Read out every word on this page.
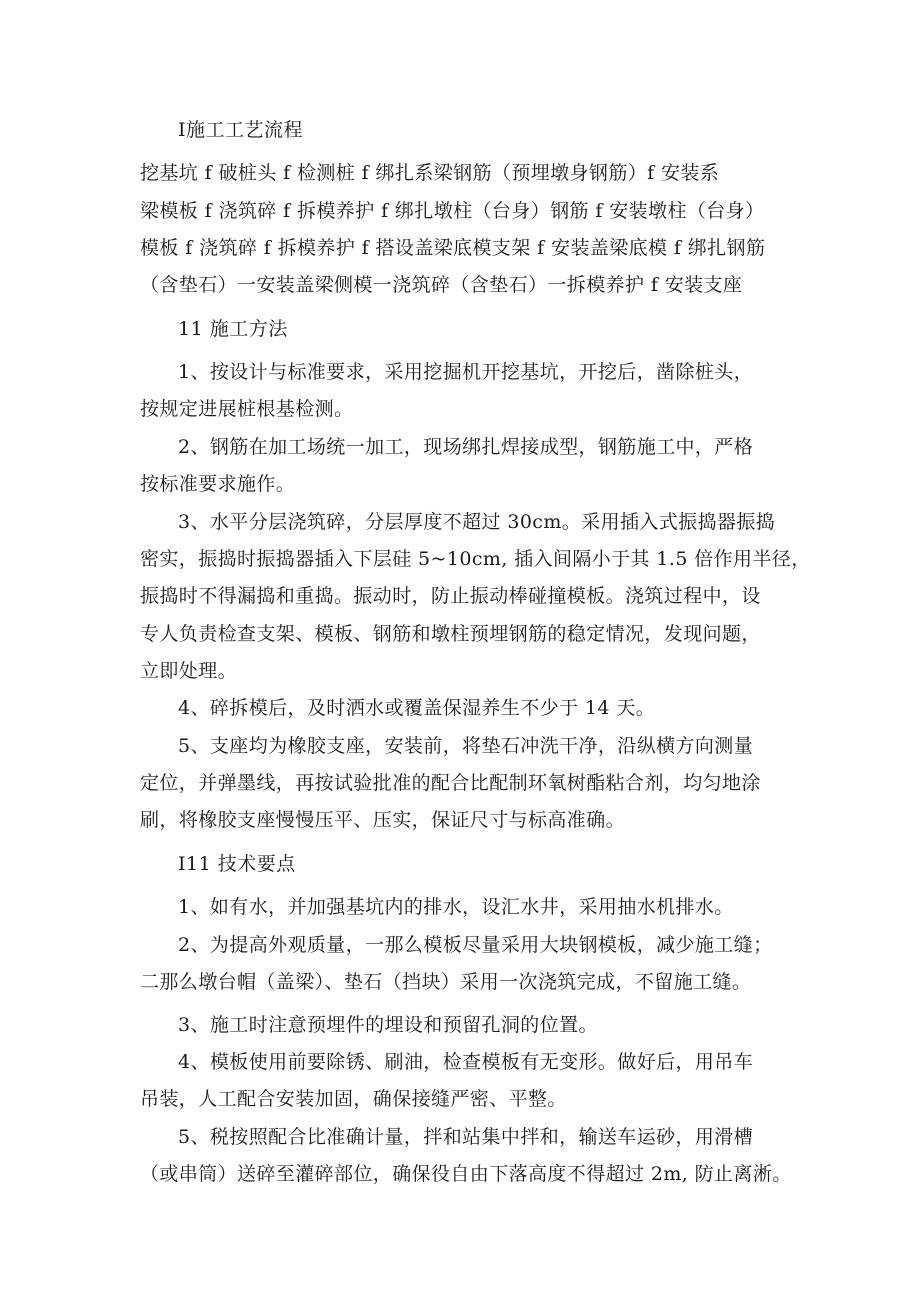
Ⅰ施工工艺流程
挖基坑 f 破桩头 f 检测桩 f 绑扎系梁钢筋（预埋墩身钢筋）f 安装系
梁模板 f 浇筑碎 f 拆模养护 f 绑扎墩柱（台身）钢筋 f 安装墩柱（台身）
模板 f 浇筑碎 f 拆模养护 f 搭设盖梁底模支架 f 安装盖梁底模 f 绑扎钢筋
（含垫石）一安装盖梁侧模一浇筑碎（含垫石）一拆模养护 f 安装支座
11 施工方法
1、按设计与标准要求，采用挖掘机开挖基坑，开挖后，凿除桩头，
按规定进展桩根基检测。
2、钢筋在加工场统一加工，现场绑扎焊接成型，钢筋施工中，严格
按标准要求施作。
3、水平分层浇筑碎，分层厚度不超过 30cm。采用插入式振捣器振捣
密实，振捣时振捣器插入下层硅 5~10cm, 插入间隔小于其 1.5 倍作用半径，
振捣时不得漏捣和重捣。振动时，防止振动棒碰撞模板。浇筑过程中，设
专人负责检查支架、模板、钢筋和墩柱预埋钢筋的稳定情况，发现问题，
立即处理。
4、碎拆模后，及时洒水或覆盖保湿养生不少于 14 天。
5、支座均为橡胶支座，安装前，将垫石冲洗干净，沿纵横方向测量
定位，并弹墨线，再按试验批准的配合比配制环氧树酯粘合剂，均匀地涂
刷，将橡胶支座慢慢压平、压实，保证尺寸与标高准确。
I11 技术要点
1、如有水，并加强基坑内的排水，设汇水井，采用抽水机排水。
2、为提高外观质量，一那么模板尽量采用大块钢模板，减少施工缝；
二那么墩台帽（盖梁）、垫石（挡块）采用一次浇筑完成，不留施工缝。
3、施工时注意预埋件的埋设和预留孔洞的位置。
4、模板使用前要除锈、刷油，检查模板有无变形。做好后，用吊车
吊装，人工配合安装加固，确保接缝严密、平整。
5、税按照配合比准确计量，拌和站集中拌和，输送车运砂，用滑槽
（或串筒）送碎至灌碎部位，确保役自由下落高度不得超过 2m, 防止离淅。
